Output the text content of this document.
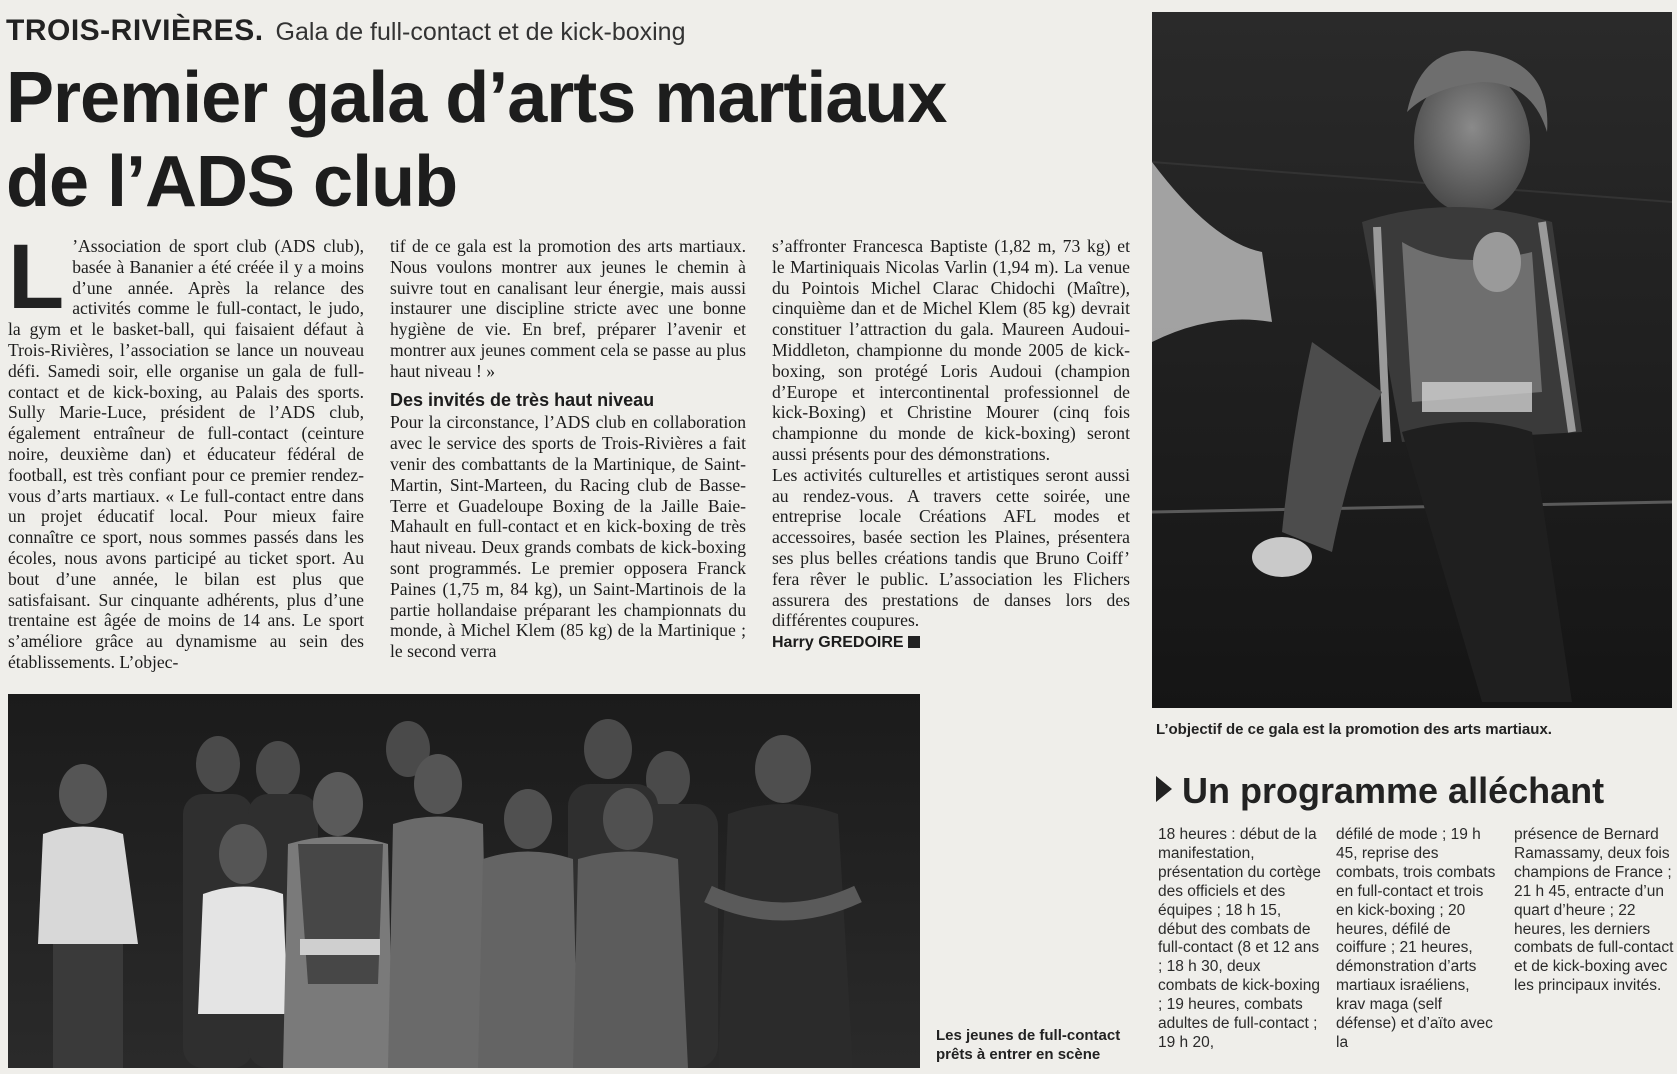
TROIS-RIVIÈRES. Gala de full-contact et de kick-boxing
Premier gala d’arts martiaux
de l’ADS club
L ’Association de sport club (ADS club), basée à Bananier a été créée il y a moins d’une année. Après la relance des activités comme le full-contact, le judo, la gym et le basket-ball, qui faisaient défaut à Trois-Rivières, l’association se lance un nouveau défi. Samedi soir, elle organise un gala de full-contact et de kick-boxing, au Palais des sports. Sully Marie-Luce, président de l’ADS club, également entraîneur de full-contact (ceinture noire, deuxième dan) et éducateur fédéral de football, est très confiant pour ce premier rendez-vous d’arts martiaux. « Le full-contact entre dans un projet éducatif local. Pour mieux faire connaître ce sport, nous sommes passés dans les écoles, nous avons participé au ticket sport. Au bout d’une année, le bilan est plus que satisfaisant. Sur cinquante adhérents, plus d’une trentaine est âgée de moins de 14 ans. Le sport s’améliore grâce au dynamisme au sein des établissements. L’objec-

tif de ce gala est la promotion des arts martiaux. Nous voulons montrer aux jeunes le chemin à suivre tout en canalisant leur énergie, mais aussi instaurer une discipline stricte avec une bonne hygiène de vie. En bref, préparer l’avenir et montrer aux jeunes comment cela se passe au plus haut niveau ! »

Des invités de très haut niveau

Pour la circonstance, l’ADS club en collaboration avec le service des sports de Trois-Rivières a fait venir des combattants de la Martinique, de Saint-Martin, Sint-Marteen, du Racing club de Basse-Terre et Guadeloupe Boxing de la Jaille Baie-Mahault en full-contact et en kick-boxing de très haut niveau. Deux grands combats de kick-boxing sont programmés. Le premier opposera Franck Paines (1,75 m, 84 kg), un Saint-Martinois de la partie hollandaise préparant les championnats du monde, à Michel Klem (85 kg) de la Martinique ; le second verra

s’affronter Francesca Baptiste (1,82 m, 73 kg) et le Martiniquais Nicolas Varlin (1,94 m). La venue du Pointois Michel Clarac Chidochi (Maître), cinquième dan et de Michel Klem (85 kg) devrait constituer l’attraction du gala. Maureen Audoui-Middleton, championne du monde 2005 de kick-boxing, son protégé Loris Audoui (champion d’Europe et intercontinental professionnel de kick-Boxing) et Christine Mourer (cinq fois championne du monde de kick-boxing) seront aussi présents pour des démonstrations.

Les activités culturelles et artistiques seront aussi au rendez-vous. A travers cette soirée, une entreprise locale Créations AFL modes et accessoires, basée section les Plaines, présentera ses plus belles créations tandis que Bruno Coiff’ fera rêver le public. L’association les Flichers assurera des prestations de danses lors des différentes coupures.

Harry GREDOIRE
L’objectif de ce gala est la promotion des arts martiaux.
Les jeunes de full-contact prêts à entrer en scène
Un programme alléchant
18 heures : début de la manifestation, présentation du cortège des officiels et des équipes ; 18 h 15, début des combats de full-contact (8 et 12 ans ; 18 h 30, deux combats de kick-boxing ; 19 heures, combats adultes de full-contact ; 19 h 20,
défilé de mode ; 19 h 45, reprise des combats, trois combats en full-contact et trois en kick-boxing ; 20 heures, défilé de coiffure ; 21 heures, démonstration d’arts martiaux israéliens, krav maga (self défense) et d’aïto avec la
présence de Bernard Ramassamy, deux fois champions de France ; 21 h 45, entracte d’un quart d’heure ; 22 heures, les derniers combats de full-contact et de kick-boxing avec les principaux invités.
